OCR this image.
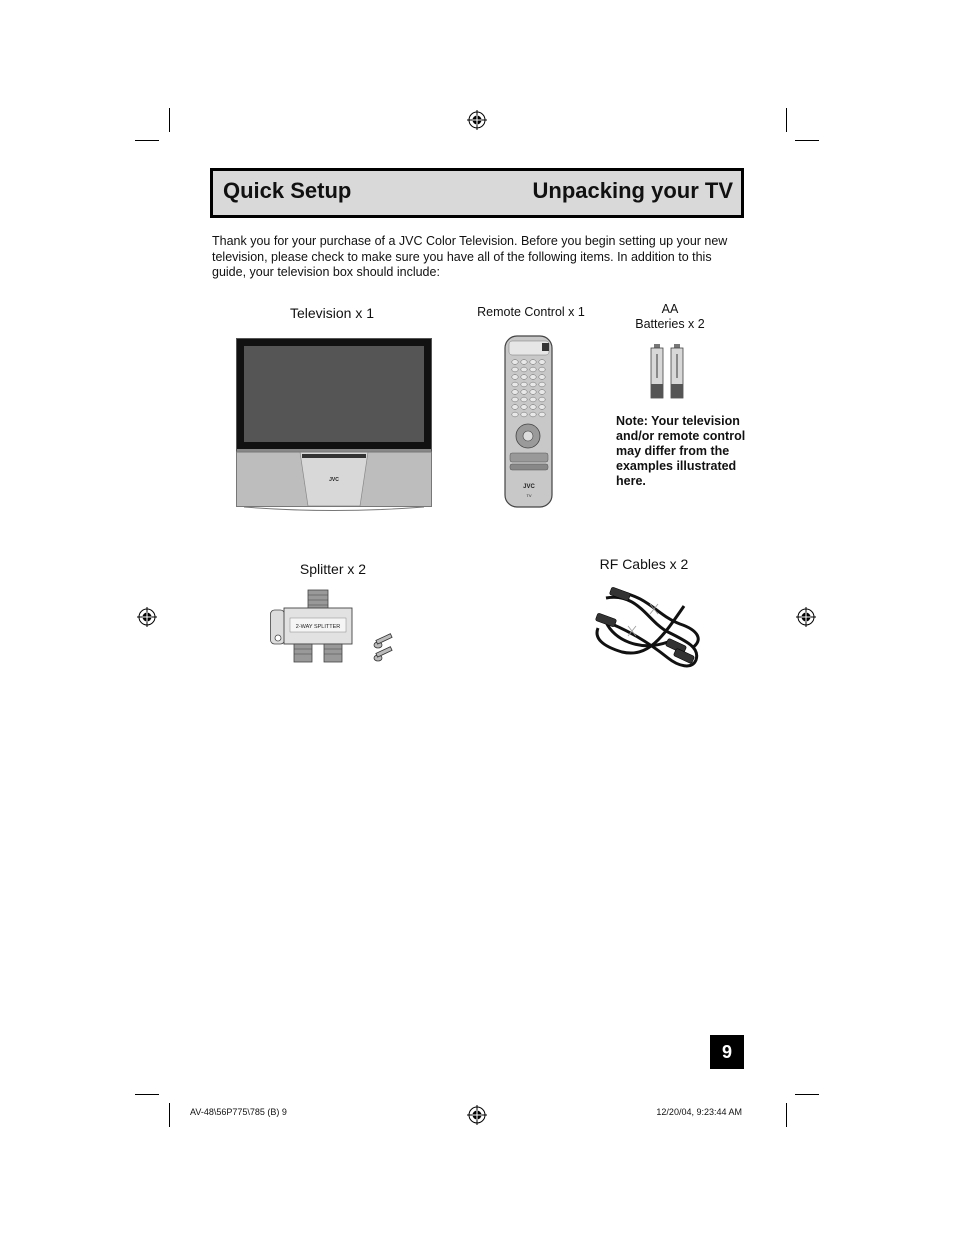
Quick Setup	Unpacking your TV

Thank you for your purchase of a JVC Color Television. Before you begin setting up your new television, please check to make sure you have all of the following items. In addition to this guide, your television box should include:

Television x 1
JVC
Remote Control x 1
JVC
TV
AA
Batteries x 2

Note: Your television and/or remote control may differ from the examples illustrated here.

Splitter x 2
2-WAY SPLITTER
RF Cables x 2
9
AV-48\56P775\785 (B) 9	12/20/04, 9:23:44 AM
